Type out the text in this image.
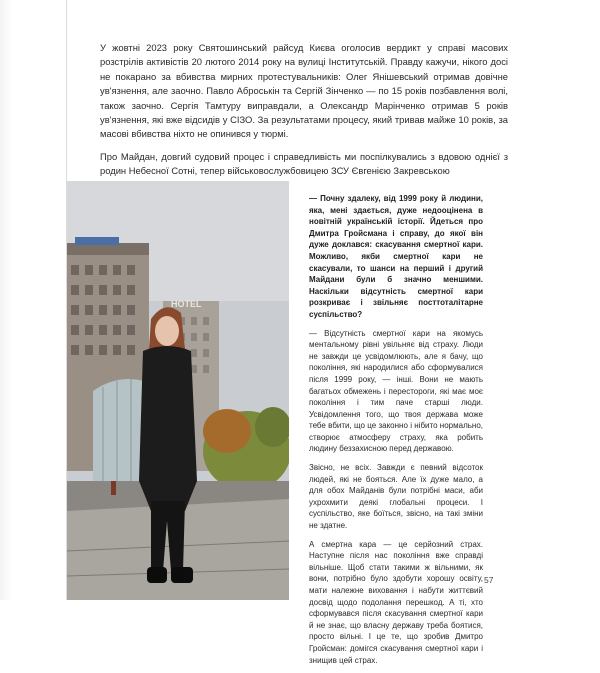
У жовтні 2023 року Святошинський райсуд Києва оголосив вердикт у справі масових розстрілів активістів 20 лютого 2014 року на вулиці Інститутській. Правду кажучи, нікого досі не покарано за вбивства мирних протестувальників: Олег Янішевський отримав довічне ув'язнення, але заочно. Павло Аброськін та Сергій Зінченко — по 15 років позбавлення волі, також заочно. Сергія Тамтуру виправдали, а Олександр Марінченко отримав 5 років ув'язнення, які вже відсидів у СІЗО. За результатами процесу, який тривав майже 10 років, за масові вбивства ніхто не опинився у тюрмі.

Про Майдан, довгий судовий процес і справедливість ми поспілкувались з вдовою однієї з родин Небесної Сотні, тепер військовослужбовицею ЗСУ Євгенією Закревською

HOTEL

— Почну здалеку, від 1999 року й людини, яка, мені здається, дуже недооцінена в новітній українській історії. Йдеться про Дмитра Гройсмана і справу, до якої він дуже доклався: скасування смертної кари. Можливо, якби смертної кари не скасували, то шанси на перший і другий Майдани були б значно меншими. Наскільки відсутність смертної кари розкриває і звільняє посттоталітарне суспільство?

— Відсутність смертної кари на якомусь ментальному рівні увільняє від страху. Люди не завжди це усвідомлюють, але я бачу, що покоління, які народилися або сформувалися після 1999 року, — інші. Вони не мають багатьох обмежень і перестороги, які має моє покоління і тим паче старші люди. Усвідомлення того, що твоя держава може тебе вбити, що це законно і нібито нормально, створює атмосферу страху, яка робить людину беззахисною перед державою.

Звісно, не всіх. Завжди є певний відсоток людей, які не бояться. Але їх дуже мало, а для обох Майданів були потрібні маси, аби ухрохмити деякі глобальні процеси. І суспільство, яке боїться, звісно, на такі зміни не здатне.

А смертна кара — це серйозний страх. Наступне після нас покоління вже справді вільніше. Щоб стати такими ж вільними, як вони, потрібно було здобути хорошу освіту, мати належне виховання і набути життєвий досвід щодо подолання перешкод. А ті, хто сформувався після скасування смертної кари й не знає, що власну державу треба боятися, просто вільні. І це те, що зробив Дмитро Гройсман: домігся скасування смертної кари і знищив цей страх.

57
